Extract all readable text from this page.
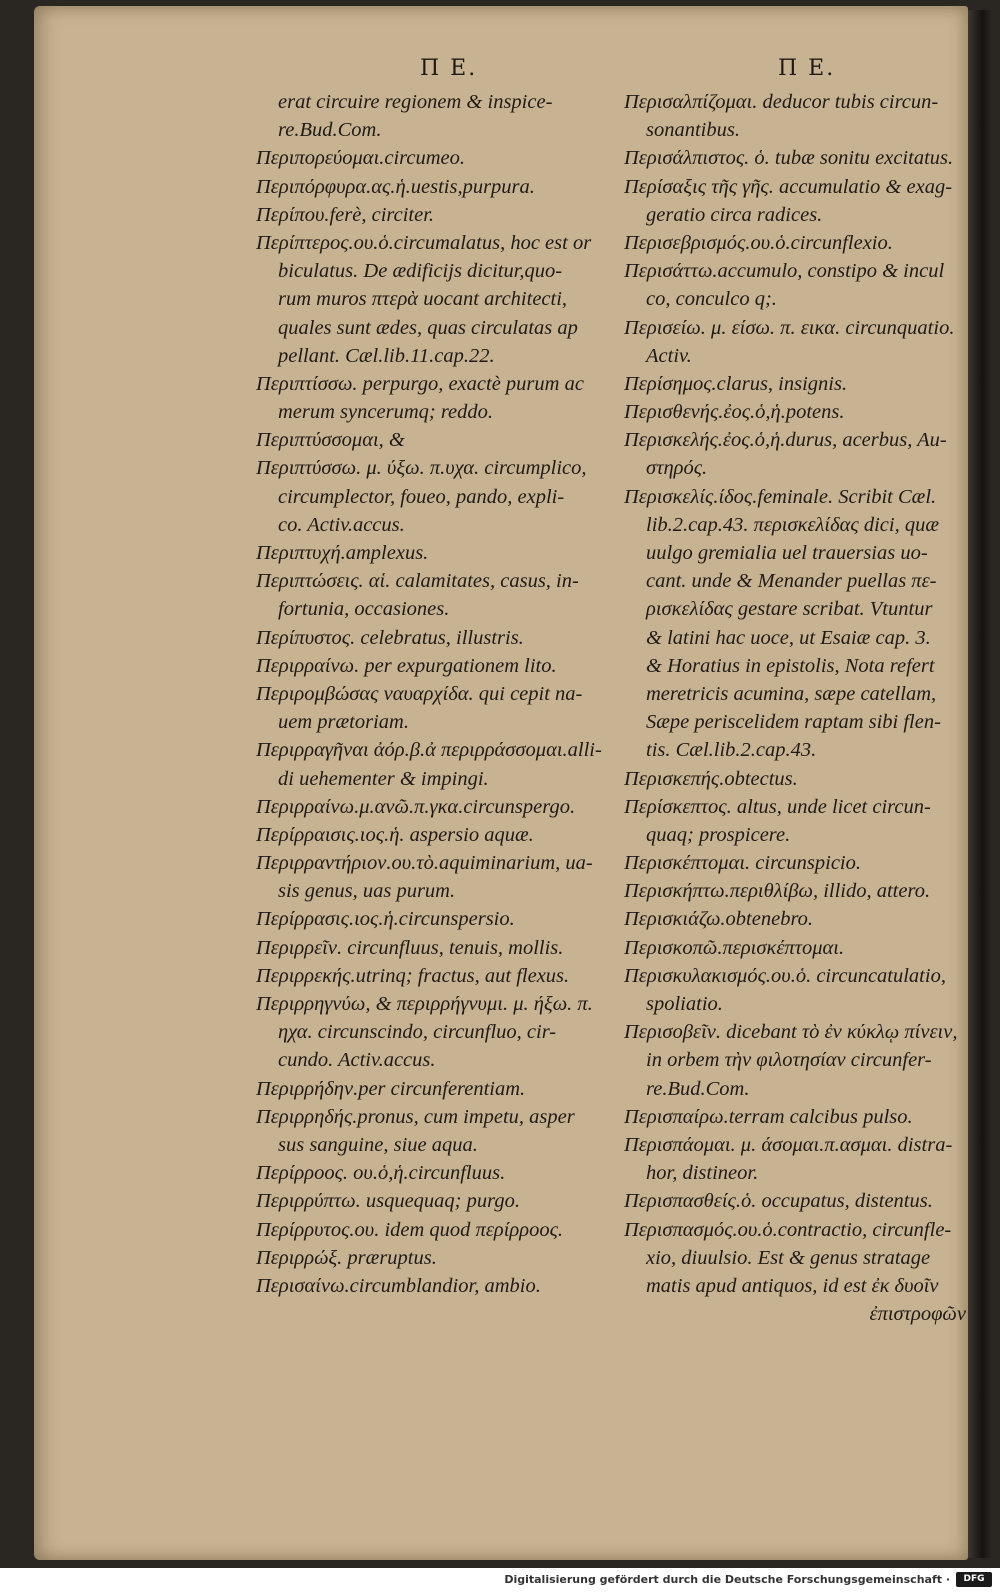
Π Ε.	Π Ε.
erat circuire regionem & inspice-
re.Bud.Com.
Περιπορεύομαι.circumeo.
Περιπόρφυρα.ας.ἡ.uestis,purpura.
Περίπου.ferè, circiter.
Περίπτερος.ου.ὁ.circumalatus, hoc est or
biculatus. De ædificijs dicitur,quo-
rum muros πτερὰ uocant architecti,
quales sunt ædes, quas circulatas ap
pellant. Cæl.lib.11.cap.22.
Περιπτίσσω. perpurgo, exactè purum ac
merum syncerumq; reddo.
Περιπτύσσομαι, &
Περιπτύσσω. μ. ύξω. π.υχα. circumplico,
circumplector, foueo, pando, expli-
co. Activ.accus.
Περιπτυχή.amplexus.
Περιπτώσεις. αἱ. calamitates, casus, in-
fortunia, occasiones.
Περίπυστος. celebratus, illustris.
Περιρραίνω. per expurgationem lito.
Περιρομβώσας ναυαρχίδα. qui cepit na-
uem prætoriam.
Περιρραγῆναι ἀόρ.β.ἀ περιρράσσομαι.alli-
di uehementer & impingi.
Περιρραίνω.μ.ανῶ.π.γκα.circunspergo.
Περίρραισις.ιος.ἡ. aspersio aquæ.
Περιρραντήριον.ου.τὸ.aquiminarium, ua-
sis genus, uas purum.
Περίρρασις.ιος.ἡ.circunspersio.
Περιρρεῖν. circunfluus, tenuis, mollis.
Περιρρεκής.utrinq; fractus, aut flexus.
Περιρρηγνύω, & περιρρήγνυμι. μ. ήξω. π.
ηχα. circunscindo, circunfluo, cir-
cundo. Activ.accus.
Περιρρήδην.per circunferentiam.
Περιρρηδής.pronus, cum impetu, asper
sus sanguine, siue aqua.
Περίρροος. ου.ὁ,ἡ.circunfluus.
Περιρρύπτω. usquequaq; purgo.
Περίρρυτος.ου. idem quod περίρροος.
Περιρρώξ. præruptus.
Περισαίνω.circumblandior, ambio.
Περισαλπίζομαι. deducor tubis circun-
sonantibus.
Περισάλπιστος. ὁ. tubæ sonitu excitatus.
Περίσαξις τῆς γῆς. accumulatio & exag-
geratio circa radices.
Περισεβρισμός.ου.ὁ.circunflexio.
Περισάττω.accumulo, constipo & incul
co, conculco q;.
Περισείω. μ. είσω. π. εικα. circunquatio.
Activ.
Περίσημος.clarus, insignis.
Περισθενής.ἐος.ὁ,ἡ.potens.
Περισκελής.ἐος.ὁ,ἡ.durus, acerbus, Au-
στηρός.
Περισκελίς.ίδος.feminale. Scribit Cæl.
lib.2.cap.43. περισκελίδας dici, quæ
uulgo gremialia uel trauersias uo-
cant. unde & Menander puellas πε-
ρισκελίδας gestare scribat. Vtuntur
& latini hac uoce, ut Esaiæ cap. 3.
& Horatius in epistolis, Nota refert
meretricis acumina, sæpe catellam,
Sæpe periscelidem raptam sibi flen-
tis. Cæl.lib.2.cap.43.
Περισκεπής.obtectus.
Περίσκεπτος. altus, unde licet circun-
quaq; prospicere.
Περισκέπτομαι. circunspicio.
Περισκήπτω.περιθλίβω, illido, attero.
Περισκιάζω.obtenebro.
Περισκοπῶ.περισκέπτομαι.
Περισκυλακισμός.ου.ὁ. circuncatulatio,
spoliatio.
Περισοβεῖν. dicebant τὸ ἐν κύκλῳ πίνειν,
in orbem τὴν φιλοτησίαν circunfer-
re.Bud.Com.
Περισπαίρω.terram calcibus pulso.
Περισπάομαι. μ. άσομαι.π.ασμαι. distra-
hor, distineor.
Περισπασθείς.ὁ. occupatus, distentus.
Περισπασμός.ου.ὁ.contractio, circunfle-
xio, diuulsio. Est & genus stratage
matis apud antiquos, id est ἐκ δυοῖν
ἐπιστροφῶν
Digitalisierung gefördert durch die Deutsche Forschungsgemeinschaft ·	DFG
